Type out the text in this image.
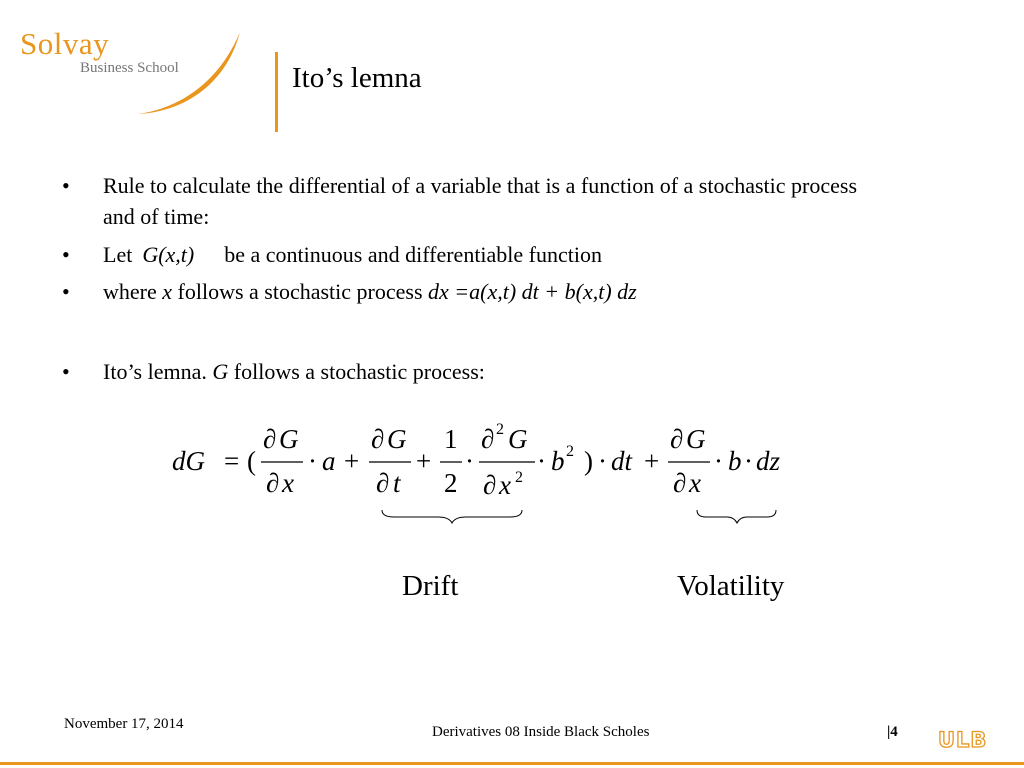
Solvay
Business School	Ito’s lemna
• Rule to calculate the differential of a variable that is a function of a stochastic process and of time:
• Let G(x,t) be a continuous and differentiable function
• where x follows a stochastic process dx =a(x,t) dt + b(x,t) dz
• Ito’s lemna. G follows a stochastic process:
dG = (
∂ G
∂ x
· a +
∂ G
∂ t
+
1
2
·
∂ 2 G
∂ x 2
· b 2 ) · dt +
∂ G
∂ x
· b · dz
Drift	Volatility
November 17, 2014	Derivatives 08 Inside Black Scholes	|4 ULB
